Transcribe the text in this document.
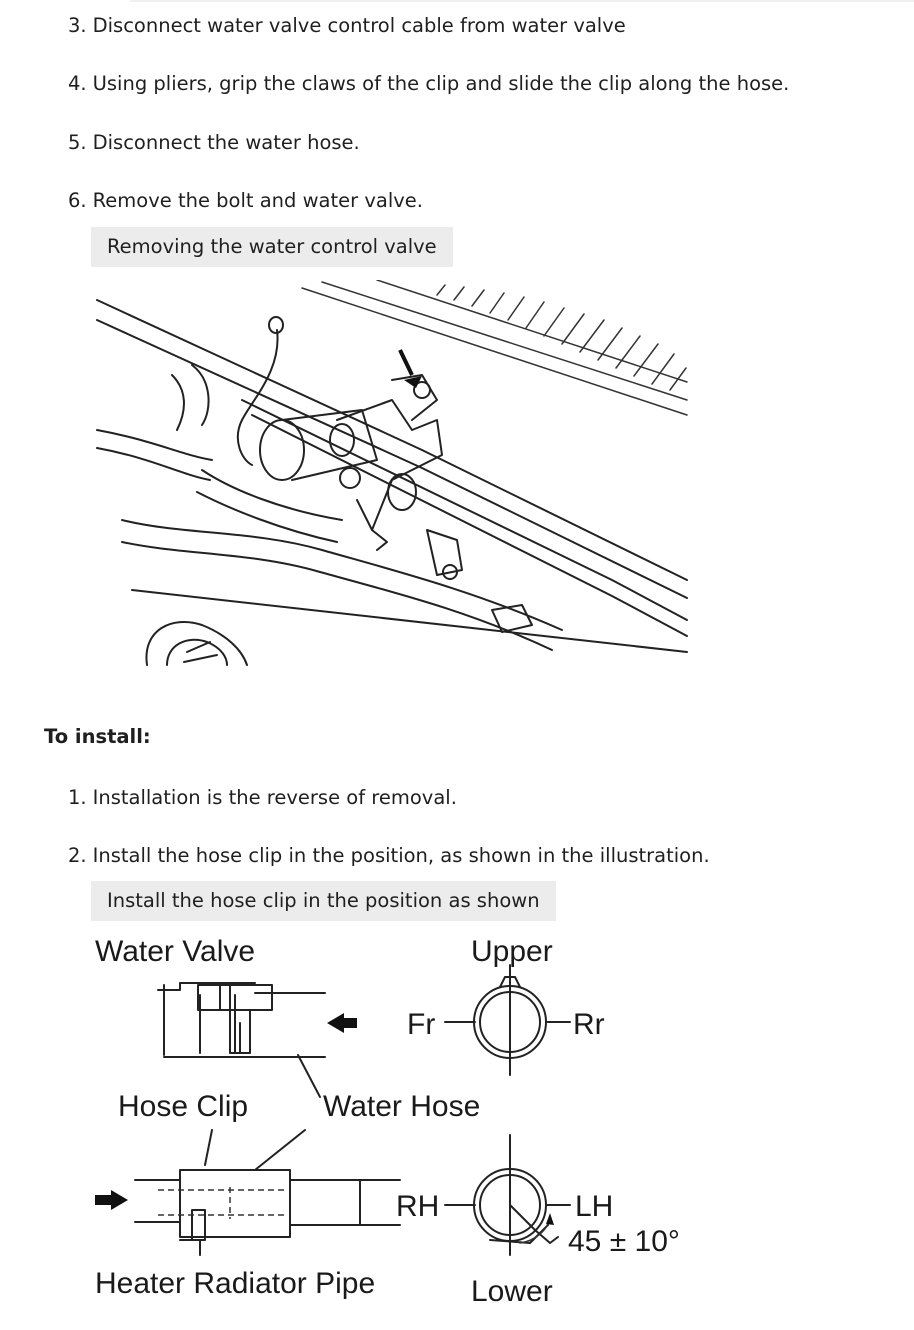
3. Disconnect water valve control cable from water valve
4. Using pliers, grip the claws of the clip and slide the clip along the hose.
5. Disconnect the water hose.
6. Remove the bolt and water valve.
Removing the water control valve
To install:
1. Installation is the reverse of removal.
2. Install the hose clip in the position, as shown in the illustration.
Install the hose clip in the position as shown
Water Valve	Upper
Fr	Rr
Hose Clip Water Hose
RH	LH
45 ± 10°
Heater Radiator Pipe	Lower
